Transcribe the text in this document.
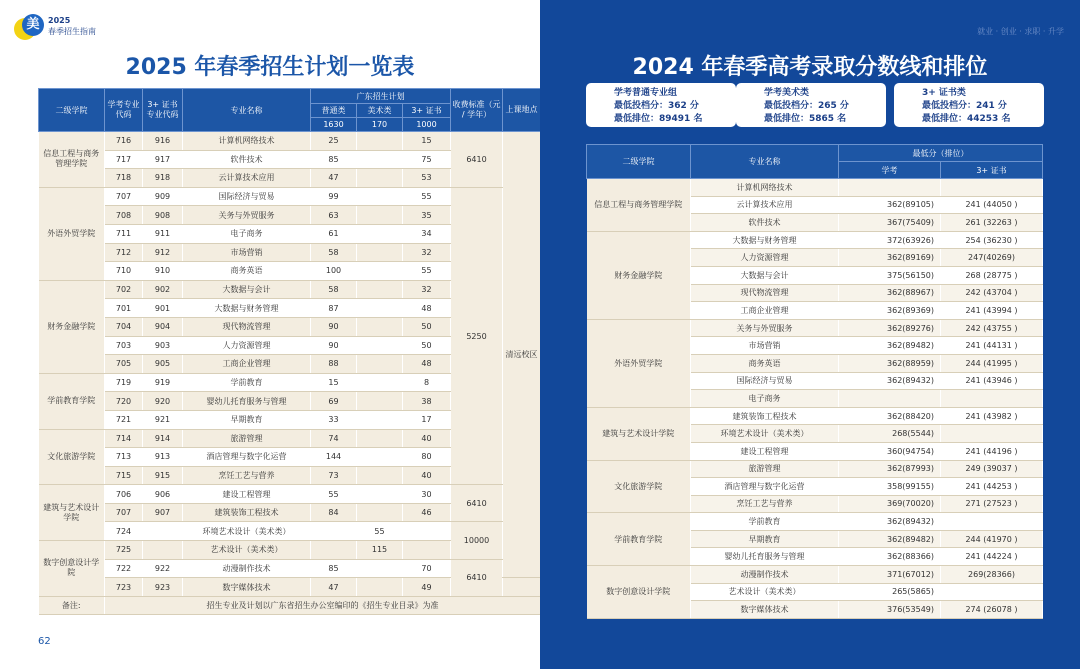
美	2025
春季招生指南
2025 年春季招生计划一览表
二级学院	学考专业代码	3+ 证书专业代码	专业名称	广东招生计划			收费标准（元 / 学年）	上课地点
				普通类	美术类	3+ 证书		
				1630	170	1000		
信息工程与商务管理学院	716	916	计算机网络技术	25		15	6410	清远校区
	717	917	软件技术	85		75		
	718	918	云计算技术应用	47		53		
外语外贸学院	707	909	国际经济与贸易	99		55	5250	
	708	908	关务与外贸服务	63		35		
	711	911	电子商务	61		34		
	712	912	市场营销	58		32		
	710	910	商务英语	100		55		
财务金融学院	702	902	大数据与会计	58		32		
	701	901	大数据与财务管理	87		48		
	704	904	现代物流管理	90		50		
	703	903	人力资源管理	90		50		
	705	905	工商企业管理	88		48		
学前教育学院	719	919	学前教育	15		8		
	720	920	婴幼儿托育服务与管理	69		38		
	721	921	早期教育	33		17		
文化旅游学院	714	914	旅游管理	74		40		
	713	913	酒店管理与数字化运营	144		80		
	715	915	烹饪工艺与营养	73		40		
建筑与艺术设计学院	706	906	建设工程管理	55		30	6410	
	707	907	建筑装饰工程技术	84		46		
	724		环境艺术设计（美术类）		55		10000	
数字创意设计学院	725		艺术设计（美术类）		115			
	722	922	动漫制作技术	85		70	6410	
	723	923	数字媒体技术	47		49		
备注:	招生专业及计划以广东省招生办公室编印的《招生专业目录》为准							
62
就业 · 创业 · 求职 · 升学
2024 年春季高考录取分数线和排位
学考普通专业组
最低投档分：362 分
最低排位：89491 名
学考美术类
最低投档分：265 分
最低排位：5865 名
3+ 证书类
最低投档分：241 分
最低排位：44253 名
二级学院	专业名称	最低分（排位）	
		学考	3+ 证书
信息工程与商务管理学院	计算机网络技术		
	云计算技术应用	362(89105)	241 (44050 )
	软件技术	367(75409)	261 (32263 )
财务金融学院	大数据与财务管理	372(63926)	254 (36230 )
	人力资源管理	362(89169)	247(40269)
	大数据与会计	375(56150)	268 (28775 )
	现代物流管理	362(88967)	242 (43704 )
	工商企业管理	362(89369)	241 (43994 )
外语外贸学院	关务与外贸服务	362(89276)	242 (43755 )
	市场营销	362(89482)	241 (44131 )
	商务英语	362(88959)	244 (41995 )
	国际经济与贸易	362(89432)	241 (43946 )
	电子商务		
建筑与艺术设计学院	建筑装饰工程技术	362(88420)	241 (43982 )
	环境艺术设计（美术类）	268(5544)	
	建设工程管理	360(94754)	241 (44196 )
文化旅游学院	旅游管理	362(87993)	249 (39037 )
	酒店管理与数字化运营	358(99155)	241 (44253 )
	烹饪工艺与营养	369(70020)	271 (27523 )
学前教育学院	学前教育	362(89432)	
	早期教育	362(89482)	244 (41970 )
	婴幼儿托育服务与管理	362(88366)	241 (44224 )
数字创意设计学院	动漫制作技术	371(67012)	269(28366)
	艺术设计（美术类）	265(5865)	
	数字媒体技术	376(53549)	274 (26078 )
